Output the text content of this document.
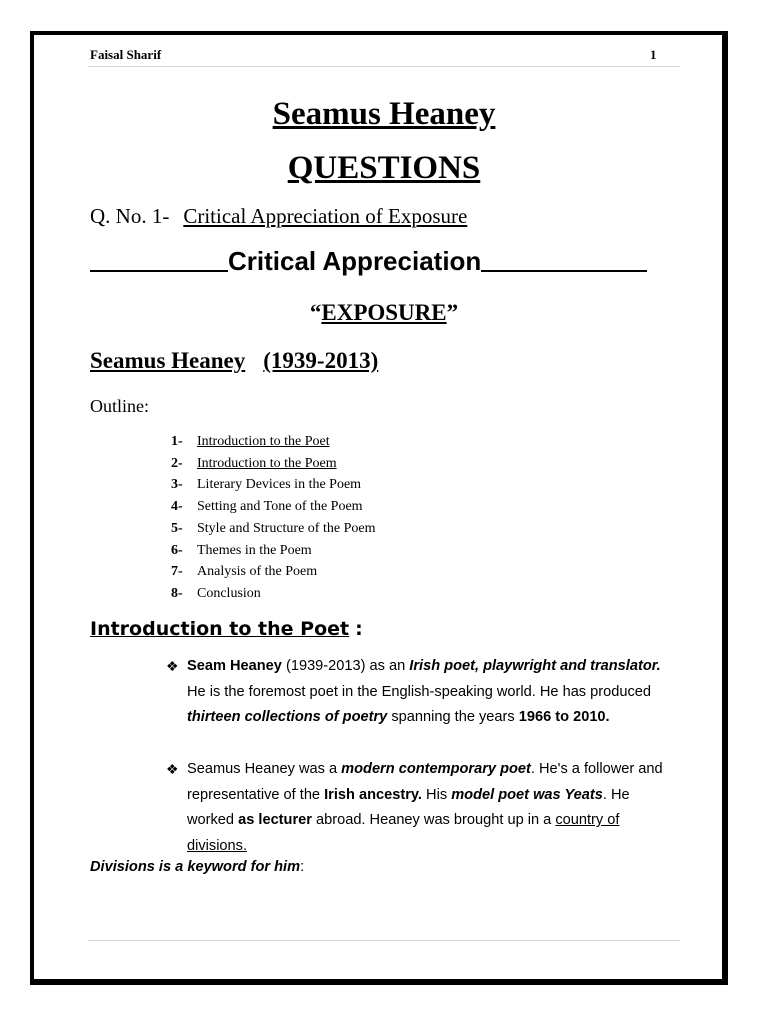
Faisal Sharif	1
Seamus Heaney
QUESTIONS
Q. No. 1- Critical Appreciation of Exposure
Critical Appreciation
“EXPOSURE”
Seamus Heaney (1939-2013)
Outline:
1- Introduction to the Poet
2- Introduction to the Poem
3- Literary Devices in the Poem
4- Setting and Tone of the Poem
5- Style and Structure of the Poem
6- Themes in the Poem
7- Analysis of the Poem
8- Conclusion
Introduction to the Poet :
❖ Seam Heaney (1939-2013) as an Irish poet, playwright and translator. He is the foremost poet in the English-speaking world. He has produced thirteen collections of poetry spanning the years 1966 to 2010.
❖ Seamus Heaney was a modern contemporary poet. He's a follower and representative of the Irish ancestry. His model poet was Yeats. He worked as lecturer abroad. Heaney was brought up in a country of divisions.
Divisions is a keyword for him:
